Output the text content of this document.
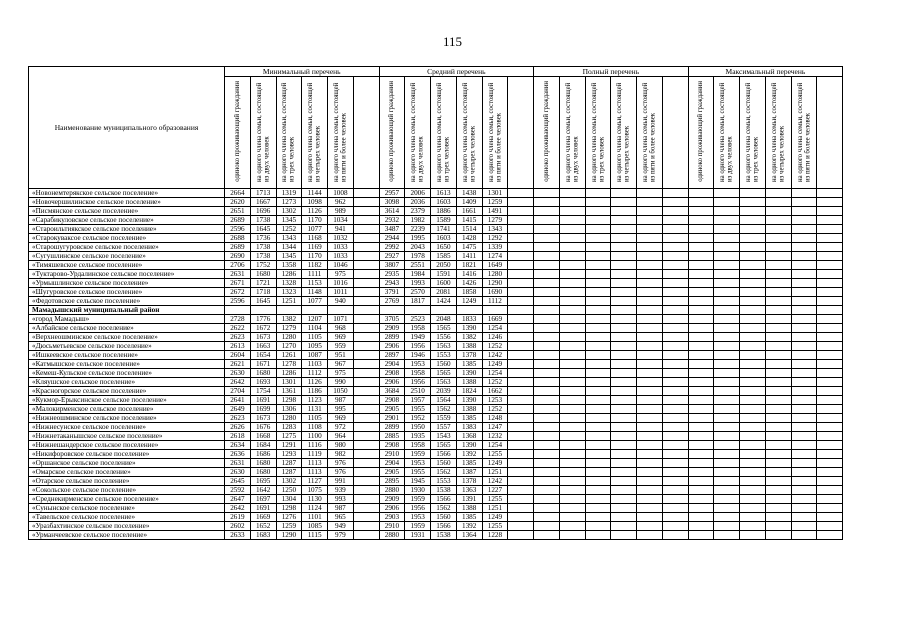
115
Наименование муниципального образования	Минимальный перечень						Средний перечень						Полный перечень						Максимальный перечень					
	одиноко проживающий гражданин	на одного члена семьи, состоящей из двух человек	на одного члена семьи, состоящей из трех человек	на одного члена семьи, состоящей из четырех человек	на одного члена семьи, состоящей из пяти и более человек		одиноко проживающий гражданин	на одного члена семьи, состоящей из двух человек	на одного члена семьи, состоящей из трех человек	на одного члена семьи, состоящей из четырех человек	на одного члена семьи, состоящей из пяти и более человек		одиноко проживающий гражданин	на одного члена семьи, состоящей из двух человек	на одного члена семьи, состоящей из трех человек	на одного члена семьи, состоящей из четырех человек	на одного члена семьи, состоящей из пяти и более человек		одиноко проживающий гражданин	на одного члена семьи, состоящей из двух человек	на одного члена семьи, состоящей из трех человек	на одного члена семьи, состоящей из четырех человек	на одного члена семьи, состоящей из пяти и более человек	
«Новонемтерякское сельское поселение»	2664	1713	1319	1144	1008		2957	2006	1613	1438	1301													
«Новочершилинское сельское поселение»	2620	1667	1273	1098	962		3098	2036	1603	1409	1259													
«Писмянское сельское поселение»	2651	1696	1302	1126	989		3614	2379	1886	1661	1491													
«Сарабикуловское сельское поселение»	2689	1738	1345	1170	1034		2932	1982	1589	1415	1279													
«Староильтиякское сельское поселение»	2596	1645	1252	1077	941		3487	2239	1741	1514	1343													
«Старокуваксое сельское поселение»	2688	1736	1343	1168	1032		2944	1995	1603	1428	1292													
«Старошугуровское сельское поселение»	2689	1738	1344	1169	1033		2992	2043	1650	1475	1339													
«Сугушлинское сельское поселение»	2690	1738	1345	1170	1033		2927	1978	1585	1411	1274													
«Тимяшевское сельское поселение»	2706	1752	1358	1182	1046		3807	2551	2050	1821	1649													
«Туктарово-Урдалинское сельское поселение»	2631	1680	1286	1111	975		2935	1984	1591	1416	1280													
«Урмышлинское сельское поселение»	2671	1721	1328	1153	1016		2943	1993	1600	1426	1290													
«Шугуровское сельское поселение»	2672	1718	1323	1148	1011		3791	2570	2081	1858	1690													
«Федотовское сельское поселение»	2596	1645	1251	1077	940		2769	1817	1424	1249	1112													
Мамадышский муниципальный район																								
«город Мамадыш»	2728	1776	1382	1207	1071		3705	2523	2048	1833	1669													
«Албайское сельское поселение»	2622	1672	1279	1104	968		2909	1958	1565	1390	1254													
«Верхнеошминское сельское поселение»	2623	1673	1280	1105	969		2899	1949	1556	1382	1246													
«Дюсьметьевское сельское поселение»	2613	1663	1270	1095	959		2906	1956	1563	1388	1252													
«Ишкеевское сельское поселение»	2604	1654	1261	1087	951		2897	1946	1553	1378	1242													
«Катмышское сельское поселение»	2621	1671	1278	1103	967		2904	1953	1560	1385	1249													
«Кемеш-Кульское сельское поселение»	2630	1680	1286	1112	975		2908	1958	1565	1390	1254													
«Кляушское сельское поселение»	2642	1693	1301	1126	990		2906	1956	1563	1388	1252													
«Красногорское сельское поселение»	2704	1754	1361	1186	1050		3684	2510	2039	1824	1662													
«Кукмор-Ерыксинское сельское поселение»	2641	1691	1298	1123	987		2908	1957	1564	1390	1253													
«Малокирменское сельское поселение»	2649	1699	1306	1131	995		2905	1955	1562	1388	1252													
«Нижнеошминское сельское поселение»	2623	1673	1280	1105	969		2901	1952	1559	1385	1248													
«Нижнесунское сельское поселение»	2626	1676	1283	1108	972		2899	1950	1557	1383	1247													
«Нижнетаканышское сельское поселение»	2618	1668	1275	1100	964		2885	1935	1543	1368	1232													
«Нижнешандерское сельское поселение»	2634	1684	1291	1116	980		2908	1958	1565	1390	1254													
«Никифоровское сельское поселение»	2636	1686	1293	1119	982		2910	1959	1566	1392	1255													
«Оршанское сельское поселение»	2631	1680	1287	1113	976		2904	1953	1560	1385	1249													
«Омарское сельское поселение»	2630	1680	1287	1113	976		2905	1955	1562	1387	1251													
«Отарское сельское поселение»	2645	1695	1302	1127	991		2895	1945	1553	1378	1242													
«Сокольское сельское поселение»	2592	1642	1250	1075	939		2880	1930	1538	1363	1227													
«Среднекирменское сельское поселение»	2647	1697	1304	1130	993		2909	1959	1566	1391	1255													
«Сунынское сельское поселение»	2642	1691	1298	1124	987		2906	1956	1562	1388	1251													
«Тавельское сельское поселение»	2619	1669	1276	1101	965		2903	1953	1560	1385	1249													
«Уразбахтинское сельское поселение»	2602	1652	1259	1085	949		2910	1959	1566	1392	1255													
«Урманчеевское сельское поселение»	2633	1683	1290	1115	979		2880	1931	1538	1364	1228													
